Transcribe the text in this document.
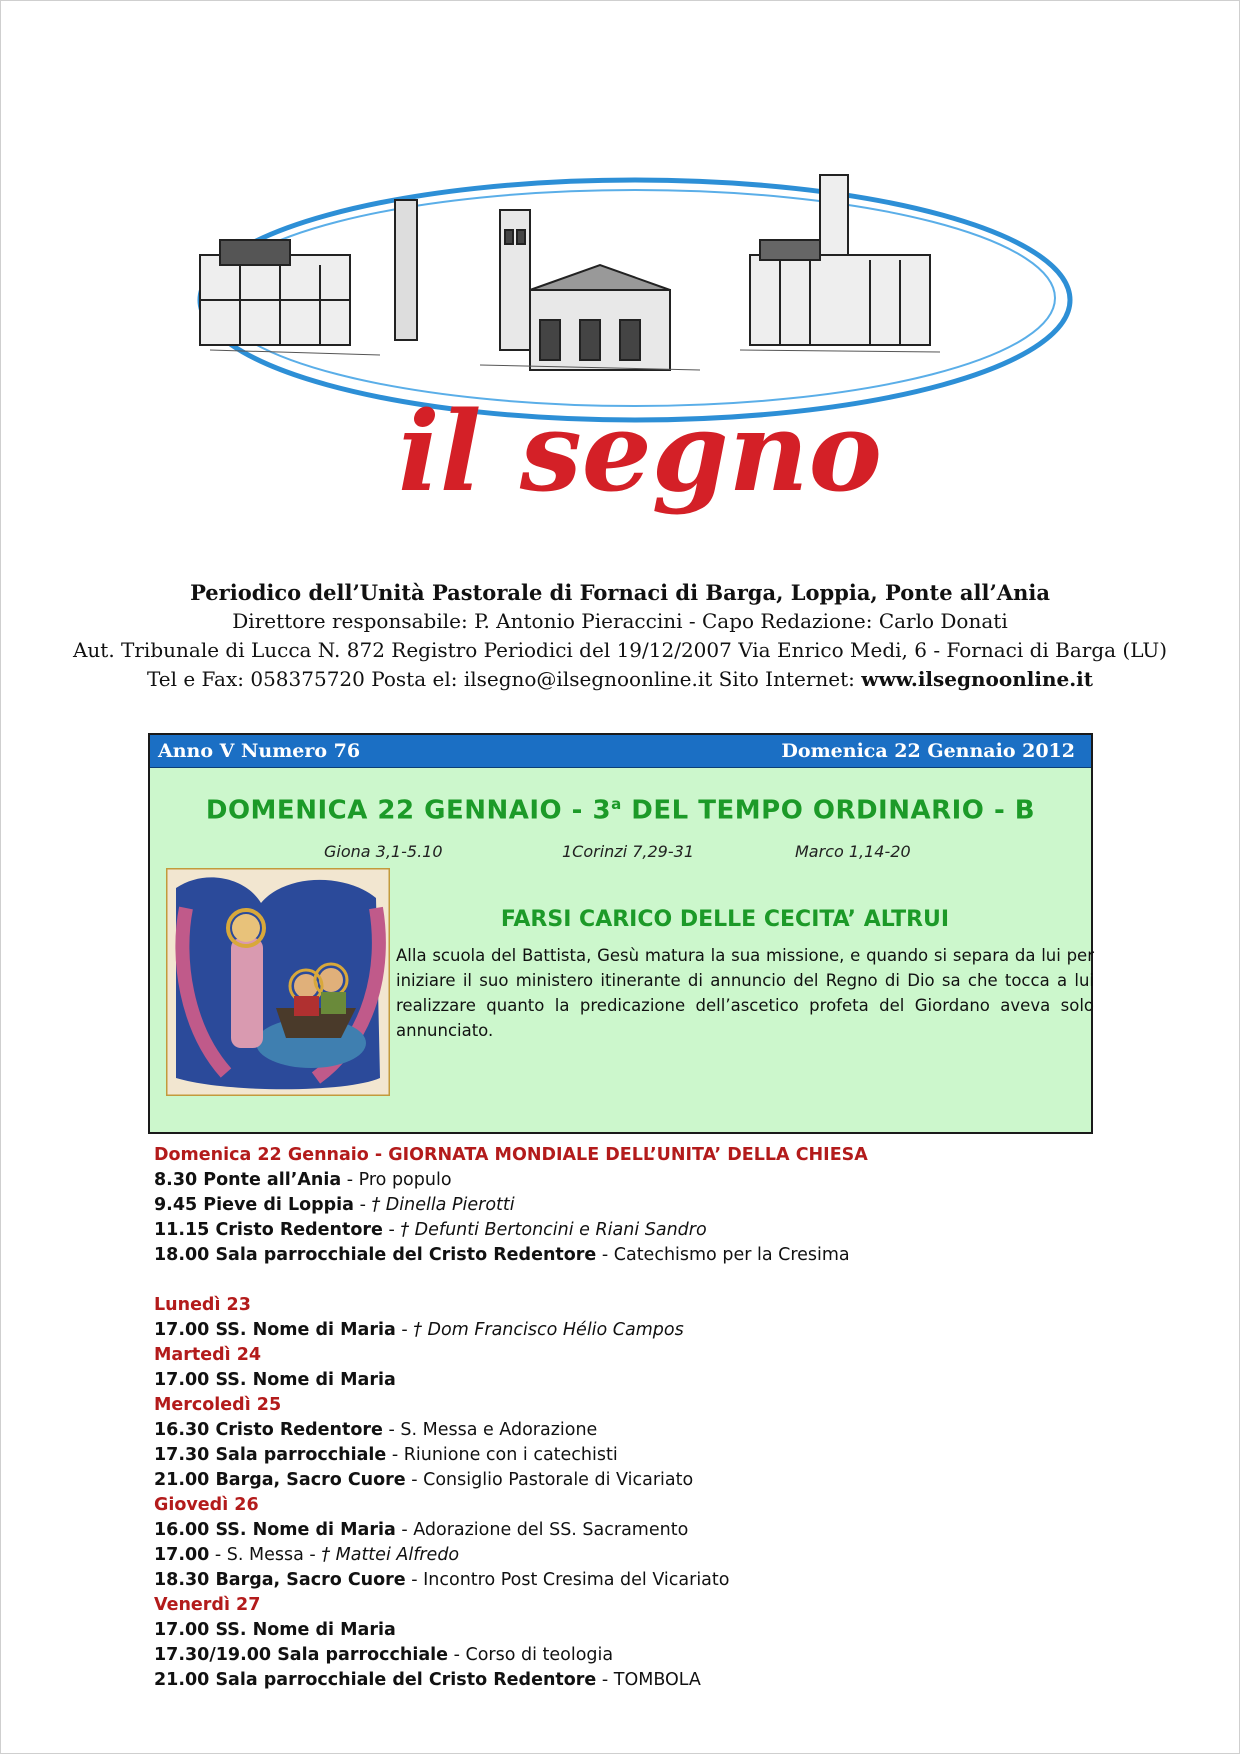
il segno
Periodico dell’Unità Pastorale di Fornaci di Barga, Loppia, Ponte all’Ania
Direttore responsabile: P. Antonio Pieraccini - Capo Redazione: Carlo Donati
Aut. Tribunale di Lucca N. 872 Registro Periodici del 19/12/2007 Via Enrico Medi, 6 - Fornaci di Barga (LU)
Tel e Fax: 058375720 Posta el: ilsegno@ilsegnoonline.it Sito Internet: www.ilsegnoonline.it
Anno V Numero 76	Domenica 22 Gennaio 2012
DOMENICA 22 GENNAIO - 3$^a$ DEL TEMPO ORDINARIO - B
Giona 3,1-5.10	1Corinzi 7,29-31	Marco 1,14-20
FARSI CARICO DELLE CECITA’ ALTRUI
Alla scuola del Battista, Gesù matura la sua missione, e quando si separa da lui per iniziare il suo ministero itinerante di annuncio del Regno di Dio sa che tocca a lui realizzare quanto la predicazione dell’ascetico profeta del Giordano aveva solo annunciato.
Domenica 22 Gennaio - GIORNATA MONDIALE DELL’UNITA’ DELLA CHIESA
8.30 Ponte all’Ania - Pro populo
9.45 Pieve di Loppia - † Dinella Pierotti
11.15 Cristo Redentore - † Defunti Bertoncini e Riani Sandro
18.00 Sala parrocchiale del Cristo Redentore - Catechismo per la Cresima
Lunedì 23
17.00 SS. Nome di Maria - † Dom Francisco Hélio Campos
Martedì 24
17.00 SS. Nome di Maria
Mercoledì 25
16.30 Cristo Redentore - S. Messa e Adorazione
17.30 Sala parrocchiale - Riunione con i catechisti
21.00 Barga, Sacro Cuore - Consiglio Pastorale di Vicariato
Giovedì 26
16.00 SS. Nome di Maria - Adorazione del SS. Sacramento
17.00 - S. Messa - † Mattei Alfredo
18.30 Barga, Sacro Cuore - Incontro Post Cresima del Vicariato
Venerdì 27
17.00 SS. Nome di Maria
17.30/19.00 Sala parrocchiale - Corso di teologia
21.00 Sala parrocchiale del Cristo Redentore - TOMBOLA
